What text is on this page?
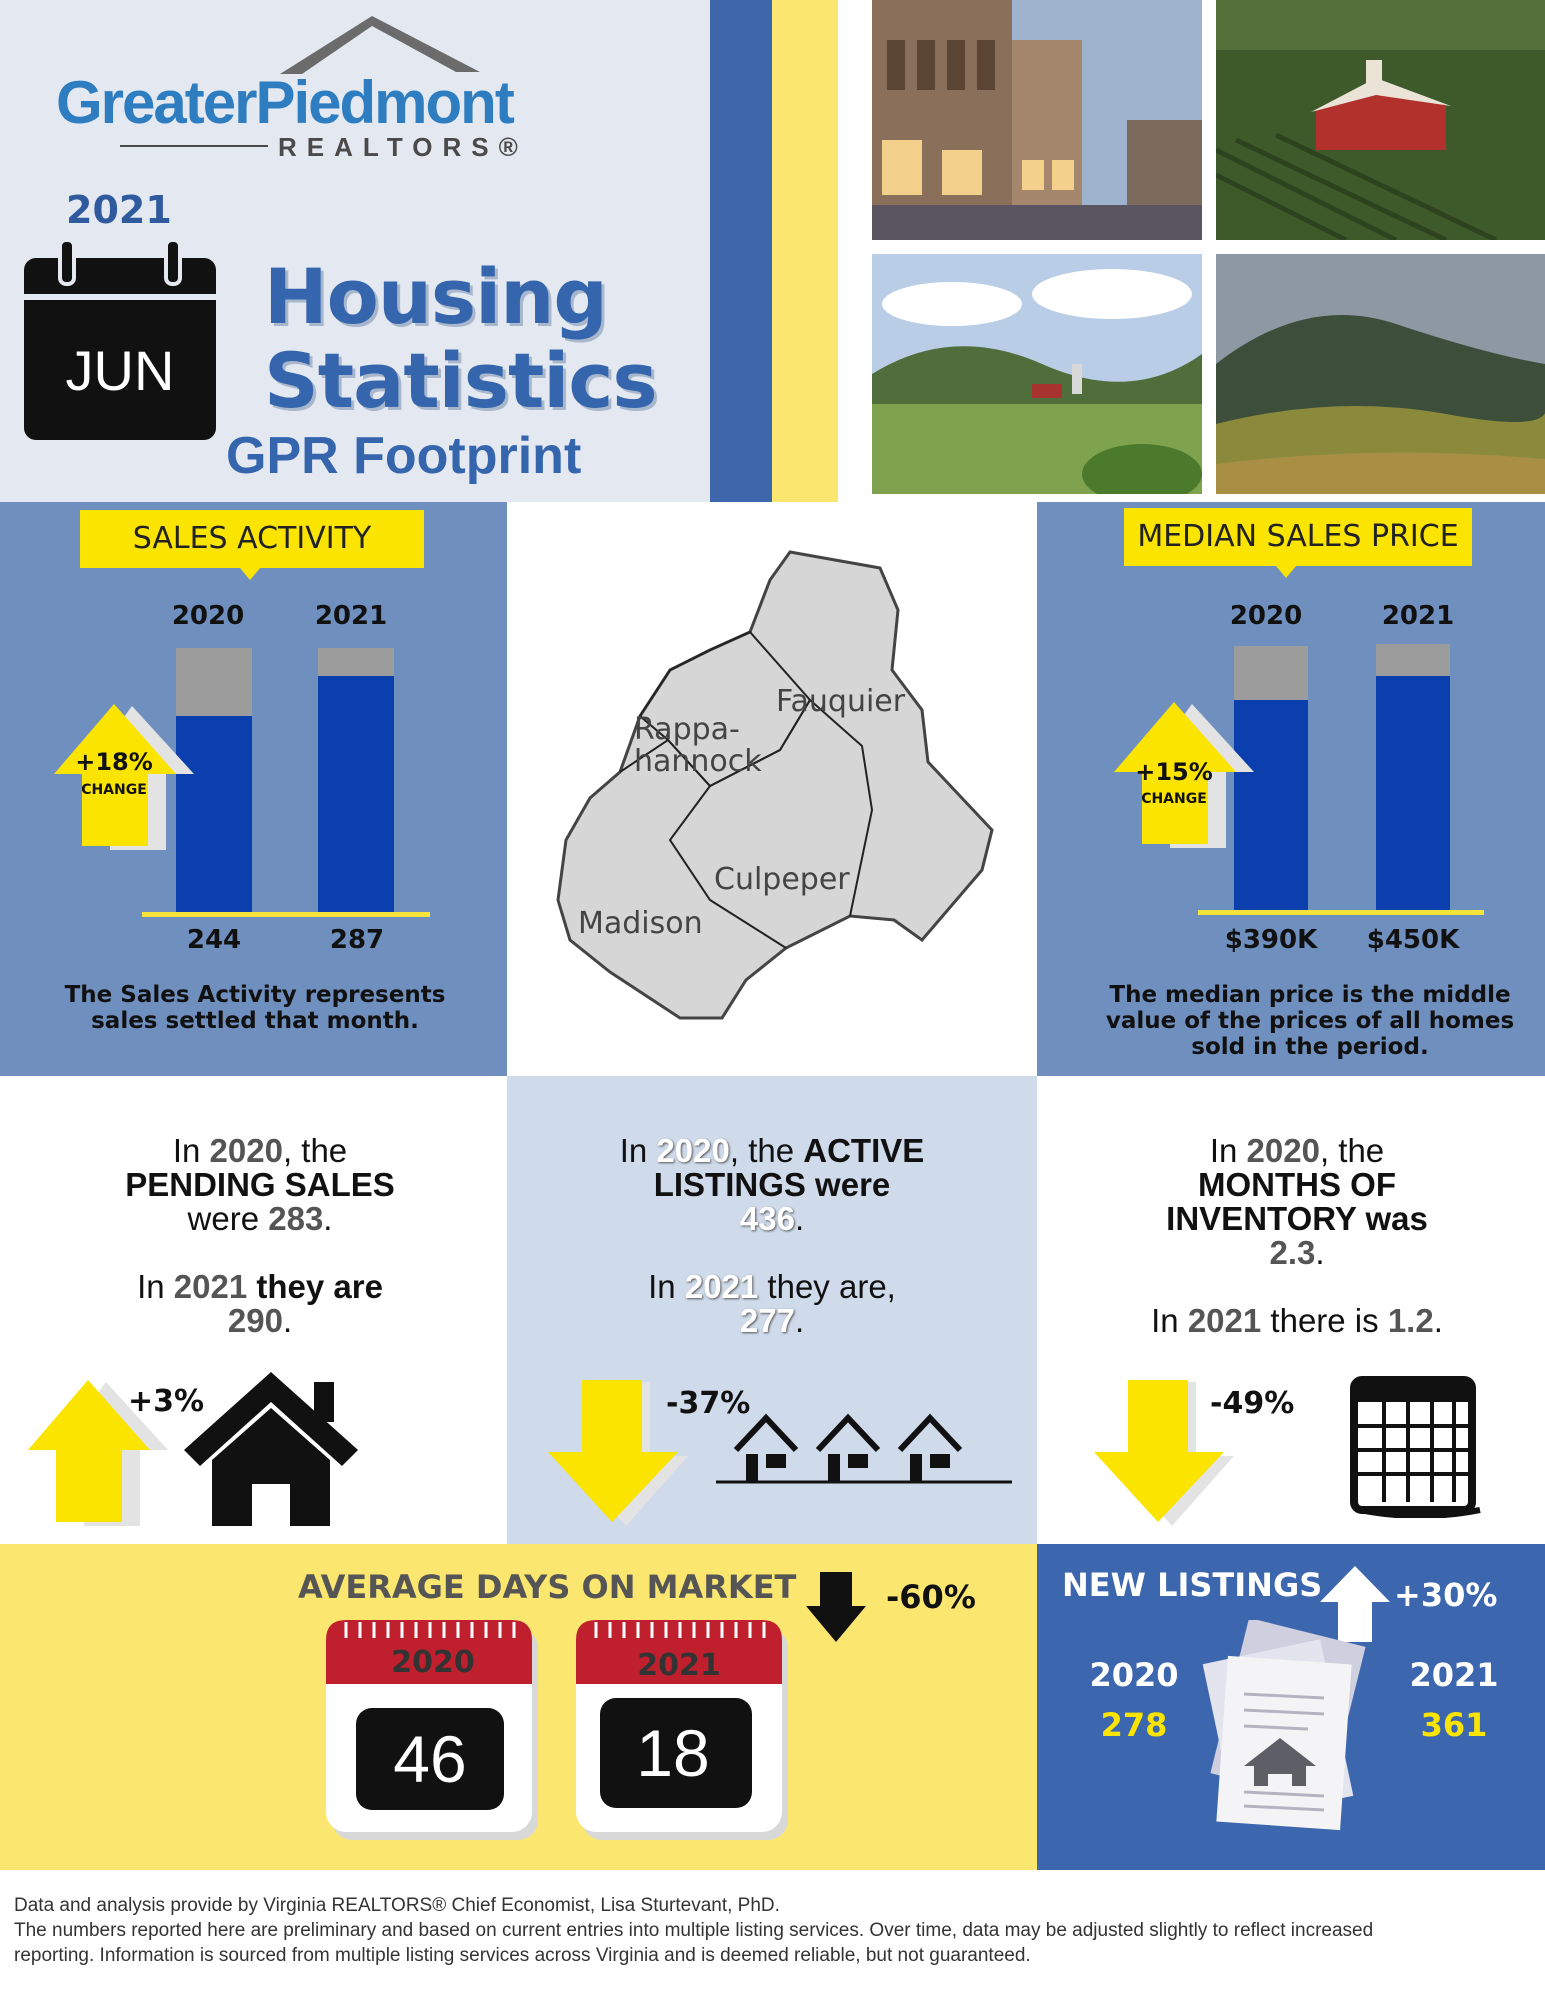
GreaterPiedmont
REALTORS®
2021
JUN
Housing
Statistics
GPR Footprint
SALES ACTIVITY
2020	2021
+18%
CHANGE
244	287
The Sales Activity represents sales settled that month.
Fauquier
Rappa-
hannock
Culpeper
Madison
MEDIAN SALES PRICE
2020	2021
+15%
CHANGE
$390K	$450K
The median price is the middle value of the prices of all homes sold in the period.
In 2020, the
PENDING SALES
were 283.
In 2021 they are
290.
+3%
In 2020, the ACTIVE
LISTINGS were
436.
In 2021 they are,
277.
-37%
In 2020, the
MONTHS OF
INVENTORY was
2.3.
In 2021 there is 1.2.
-49%
AVERAGE DAYS ON MARKET	-60%
2020
46
2021
18
NEW LISTINGS +30%
2020
278
2021
361
Data and analysis provide by Virginia REALTORS® Chief Economist, Lisa Sturtevant, PhD.
The numbers reported here are preliminary and based on current entries into multiple listing services. Over time, data may be adjusted slightly to reflect increased
reporting. Information is sourced from multiple listing services across Virginia and is deemed reliable, but not guaranteed.
